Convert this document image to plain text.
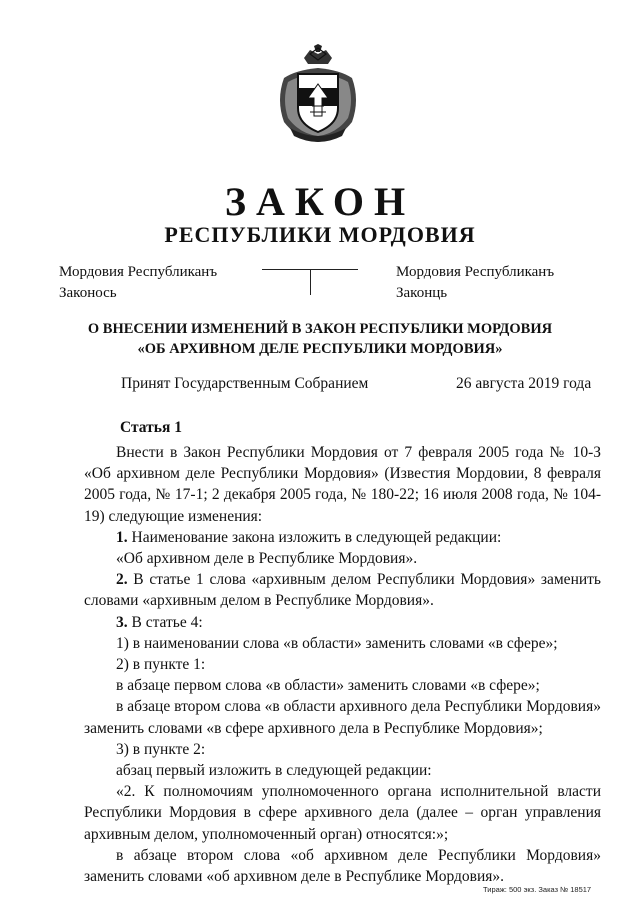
ЗАКОН
РЕСПУБЛИКИ МОРДОВИЯ
Мордовия Республиканъ
Законось
Мордовия Республиканъ
Законць
О ВНЕСЕНИИ ИЗМЕНЕНИЙ В ЗАКОН РЕСПУБЛИКИ МОРДОВИЯ
«ОБ АРХИВНОМ ДЕЛЕ РЕСПУБЛИКИ МОРДОВИЯ»
Принят Государственным Собранием	26 августа 2019 года
Статья 1

Внести в Закон Республики Мордовия от 7 февраля 2005 года № 10-З «Об архивном деле Республики Мордовия» (Известия Мордовии, 8 февраля 2005 года, № 17-1; 2 декабря 2005 года, № 180-22; 16 июля 2008 года, № 104-19) следующие изменения:

1. Наименование закона изложить в следующей редакции:

«Об архивном деле в Республике Мордовия».

2. В статье 1 слова «архивным делом Республики Мордовия» заменить словами «архивным делом в Республике Мордовия».

3. В статье 4:

1) в наименовании слова «в области» заменить словами «в сфере»;

2) в пункте 1:

в абзаце первом слова «в области» заменить словами «в сфере»;

в абзаце втором слова «в области архивного дела Республики Мордовия» заменить словами «в сфере архивного дела в Республике Мордовия»;

3) в пункте 2:

абзац первый изложить в следующей редакции:

«2. К полномочиям уполномоченного органа исполнительной власти Республики Мордовия в сфере архивного дела (далее – орган управления архивным делом, уполномоченный орган) относятся:»;

в абзаце втором слова «об архивном деле Республики Мордовия» заменить словами «об архивном деле в Республике Мордовия».

Тираж: 500 экз. Заказ № 18517
